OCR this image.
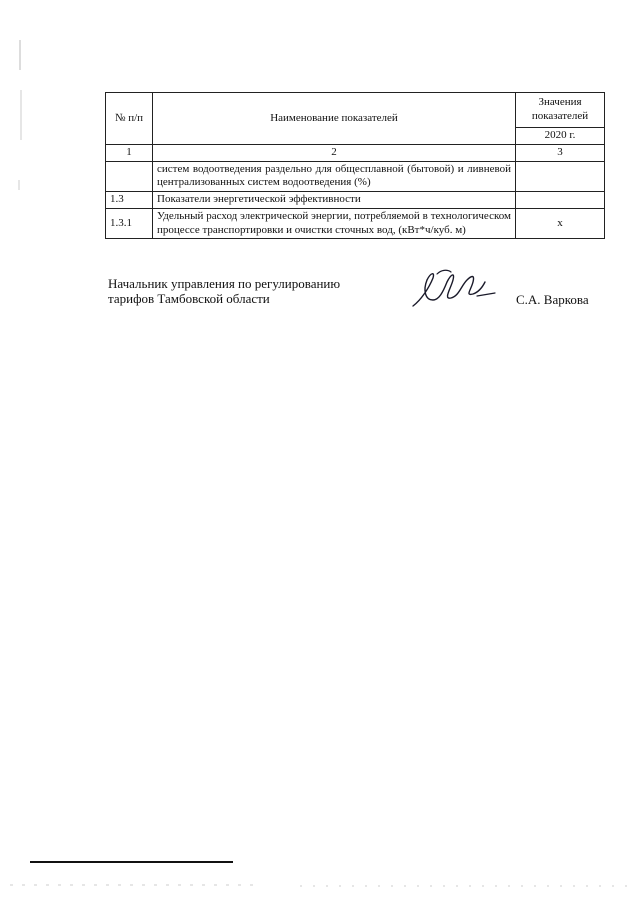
№ п/п	Наименование показателей	Значения показателей
		2020 г.
1	2	3
	систем водоотведения раздельно для общесплавной (бытовой) и ливневой централизованных систем водоотведения (%)	
1.3	Показатели энергетической эффективности	
1.3.1	Удельный расход электрической энергии, потребляемой в технологическом процессе транспортировки и очистки сточных вод, (кВт*ч/куб. м)	х
Начальник управления по регулированию
тарифов Тамбовской области	С.А. Варкова
